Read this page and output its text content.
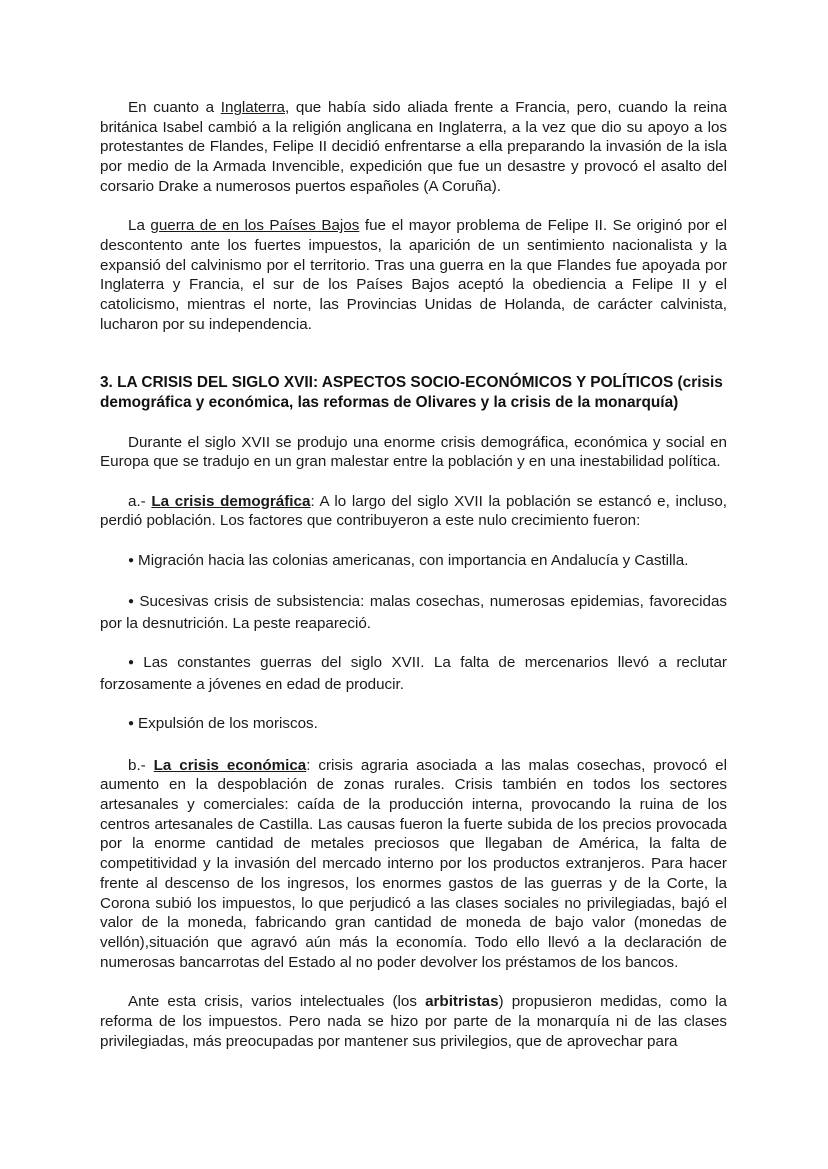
En cuanto a Inglaterra, que había sido aliada frente a Francia, pero, cuando la reina británica Isabel cambió a la religión anglicana en Inglaterra, a la vez que dio su apoyo a los protestantes de Flandes, Felipe II decidió enfrentarse a ella preparando la invasión de la isla por medio de la Armada Invencible, expedición que fue un desastre y provocó el asalto del corsario Drake a numerosos puertos españoles (A Coruña).

La guerra de en los Países Bajos fue el mayor problema de Felipe II. Se originó por el descontento ante los fuertes impuestos, la aparición de un sentimiento nacionalista y la expansió del calvinismo por el territorio. Tras una guerra en la que Flandes fue apoyada por Inglaterra y Francia, el sur de los Países Bajos aceptó la obediencia a Felipe II y el catolicismo, mientras el norte, las Provincias Unidas de Holanda, de carácter calvinista, lucharon por su independencia.

3. LA CRISIS DEL SIGLO XVII: ASPECTOS SOCIO-ECONÓMICOS Y POLÍTICOS (crisis demográfica y económica, las reformas de Olivares y la crisis de la monarquía)

Durante el siglo XVII se produjo una enorme crisis demográfica, económica y social en Europa que se tradujo en un gran malestar entre la población y en una inestabilidad política.

a.- La crisis demográfica: A lo largo del siglo XVII la población se estancó e, incluso, perdió población. Los factores que contribuyeron a este nulo crecimiento fueron:

● Migración hacia las colonias americanas, con importancia en Andalucía y Castilla.

● Sucesivas crisis de subsistencia: malas cosechas, numerosas epidemias, favorecidas por la desnutrición. La peste reapareció.

● Las constantes guerras del siglo XVII. La falta de mercenarios llevó a reclutar forzosamente a jóvenes en edad de producir.

● Expulsión de los moriscos.

b.- La crisis económica: crisis agraria asociada a las malas cosechas, provocó el aumento en la despoblación de zonas rurales. Crisis también en todos los sectores artesanales y comerciales: caída de la producción interna, provocando la ruina de los centros artesanales de Castilla. Las causas fueron la fuerte subida de los precios provocada por la enorme cantidad de metales preciosos que llegaban de América, la falta de competitividad y la invasión del mercado interno por los productos extranjeros. Para hacer frente al descenso de los ingresos, los enormes gastos de las guerras y de la Corte, la Corona subió los impuestos, lo que perjudicó a las clases sociales no privilegiadas, bajó el valor de la moneda, fabricando gran cantidad de moneda de bajo valor (monedas de vellón),situación que agravó aún más la economía. Todo ello llevó a la declaración de numerosas bancarrotas del Estado al no poder devolver los préstamos de los bancos.

Ante esta crisis, varios intelectuales (los arbitristas) propusieron medidas, como la reforma de los impuestos. Pero nada se hizo por parte de la monarquía ni de las clases privilegiadas, más preocupadas por mantener sus privilegios, que de aprovechar para
